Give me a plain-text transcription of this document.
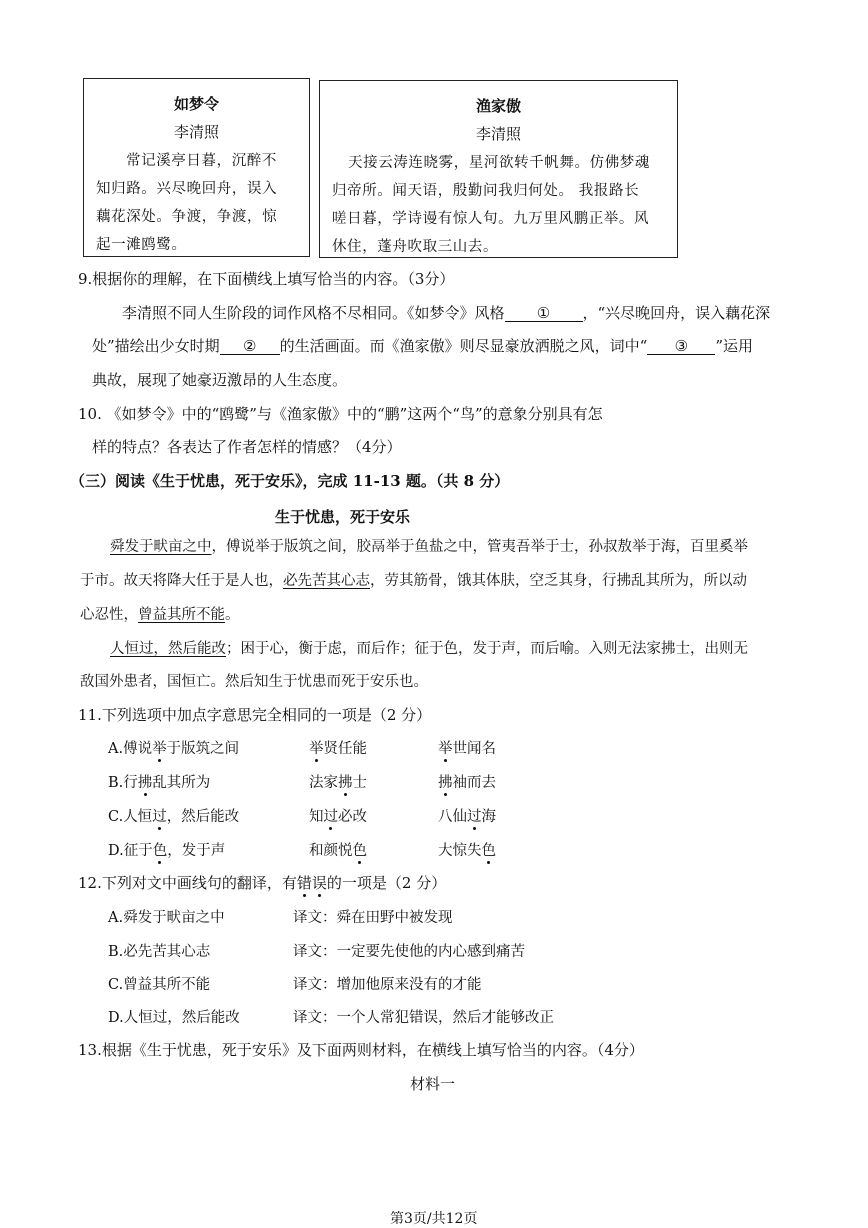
如梦令
李清照
常记溪亭日暮，沉醉不
知归路。兴尽晚回舟，误入
藕花深处。争渡，争渡，惊
起一滩鸥鹭。
渔家傲
李清照
天接云涛连晓雾，星河欲转千帆舞。仿佛梦魂
归帝所。闻天语，殷勤问我归何处。 我报路长
嗟日暮，学诗谩有惊人句。九万里风鹏正举。风
休住，蓬舟吹取三山去。
9.根据你的理解，在下面横线上填写恰当的内容。（3分）
李清照不同人生阶段的词作风格不尽相同。《如梦令》风格 ① ，“兴尽晚回舟，误入藕花深
处”描绘出少女时期 ② 的生活画面。而《渔家傲》则尽显豪放洒脱之风，词中“ ③ ”运用
典故，展现了她豪迈激昂的人生态度。
10. 《如梦令》中的“鸥鹭”与《渔家傲》中的“鹏”这两个“鸟”的意象分别具有怎
样的特点？各表达了作者怎样的情感？（4分）
（三）阅读《生于忧患，死于安乐》，完成 11-13 题。（共 8 分）
生于忧患，死于安乐
舜发于畎亩之中，傅说举于版筑之间，胶鬲举于鱼盐之中，管夷吾举于士，孙叔敖举于海，百里奚举
于市。故天将降大任于是人也，必先苦其心志，劳其筋骨，饿其体肤，空乏其身，行拂乱其所为，所以动
心忍性，曾益其所不能。
人恒过，然后能改；困于心，衡于虑，而后作；征于色，发于声，而后喻。入则无法家拂士，出则无
敌国外患者，国恒亡。然后知生于忧患而死于安乐也。
11.下列选项中加点字意思完全相同的一项是（2 分）
A.傅说举于版筑之间	举贤任能	举世闻名
B.行拂乱其所为	法家拂士	拂袖而去
C.人恒过，然后能改	知过必改	八仙过海
D.征于色，发于声	和颜悦色	大惊失色
12.下列对文中画线句的翻译，有错误的一项是（2 分）
A.舜发于畎亩之中	译文：舜在田野中被发现
B.必先苦其心志	译文：一定要先使他的内心感到痛苦
C.曾益其所不能	译文：增加他原来没有的才能
D.人恒过，然后能改	译文：一个人常犯错误，然后才能够改正
13.根据《生于忧患，死于安乐》及下面两则材料，在横线上填写恰当的内容。（4分）
材料一
第3页/共12页
